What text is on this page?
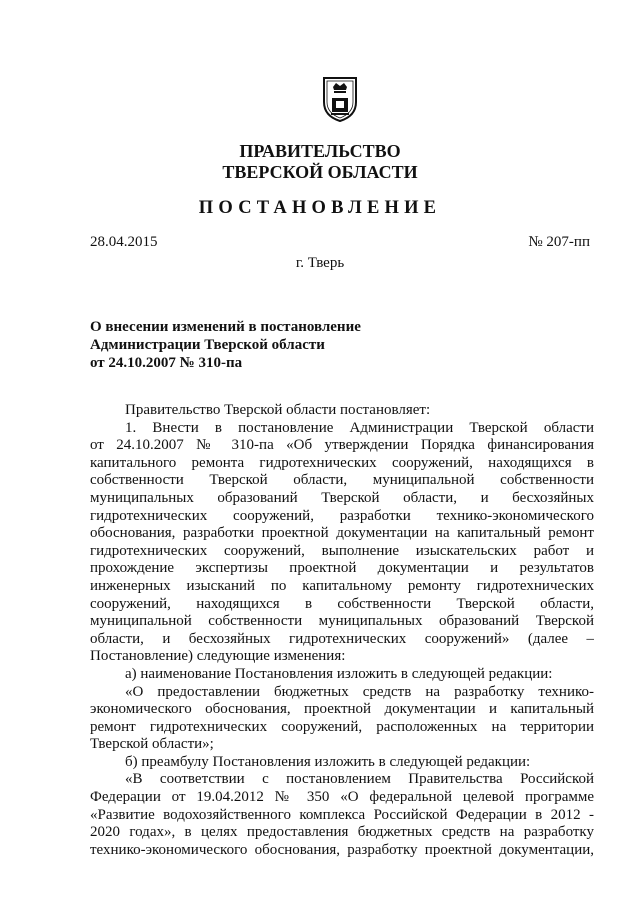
ПРАВИТЕЛЬСТВО
ТВЕРСКОЙ ОБЛАСТИ
ПОСТАНОВЛЕНИЕ
28.04.2015	№ 207-пп
г. Тверь
О внесении изменений в постановление
Администрации Тверской области
от 24.10.2007 № 310-па
Правительство Тверской области постановляет:
1. Внести в постановление Администрации Тверской области
от 24.10.2007 № 310-па «Об утверждении Порядка финансирования
капитального ремонта гидротехнических сооружений, находящихся в
собственности Тверской области, муниципальной собственности
муниципальных образований Тверской области, и бесхозяйных
гидротехнических сооружений, разработки технико-экономического
обоснования, разработки проектной документации на капитальный ремонт
гидротехнических сооружений, выполнение изыскательских работ и
прохождение экспертизы проектной документации и результатов
инженерных изысканий по капитальному ремонту гидротехнических
сооружений, находящихся в собственности Тверской области,
муниципальной собственности муниципальных образований Тверской
области, и бесхозяйных гидротехнических сооружений» (далее –
Постановление) следующие изменения:
а) наименование Постановления изложить в следующей редакции:
«О предоставлении бюджетных средств на разработку технико-
экономического обоснования, проектной документации и капитальный
ремонт гидротехнических сооружений, расположенных на территории
Тверской области»;
б) преамбулу Постановления изложить в следующей редакции:
«В соответствии с постановлением Правительства Российской
Федерации от 19.04.2012 № 350 «О федеральной целевой программе
«Развитие водохозяйственного комплекса Российской Федерации в 2012 -
2020 годах», в целях предоставления бюджетных средств на разработку
технико-экономического обоснования, разработку проектной документации,
